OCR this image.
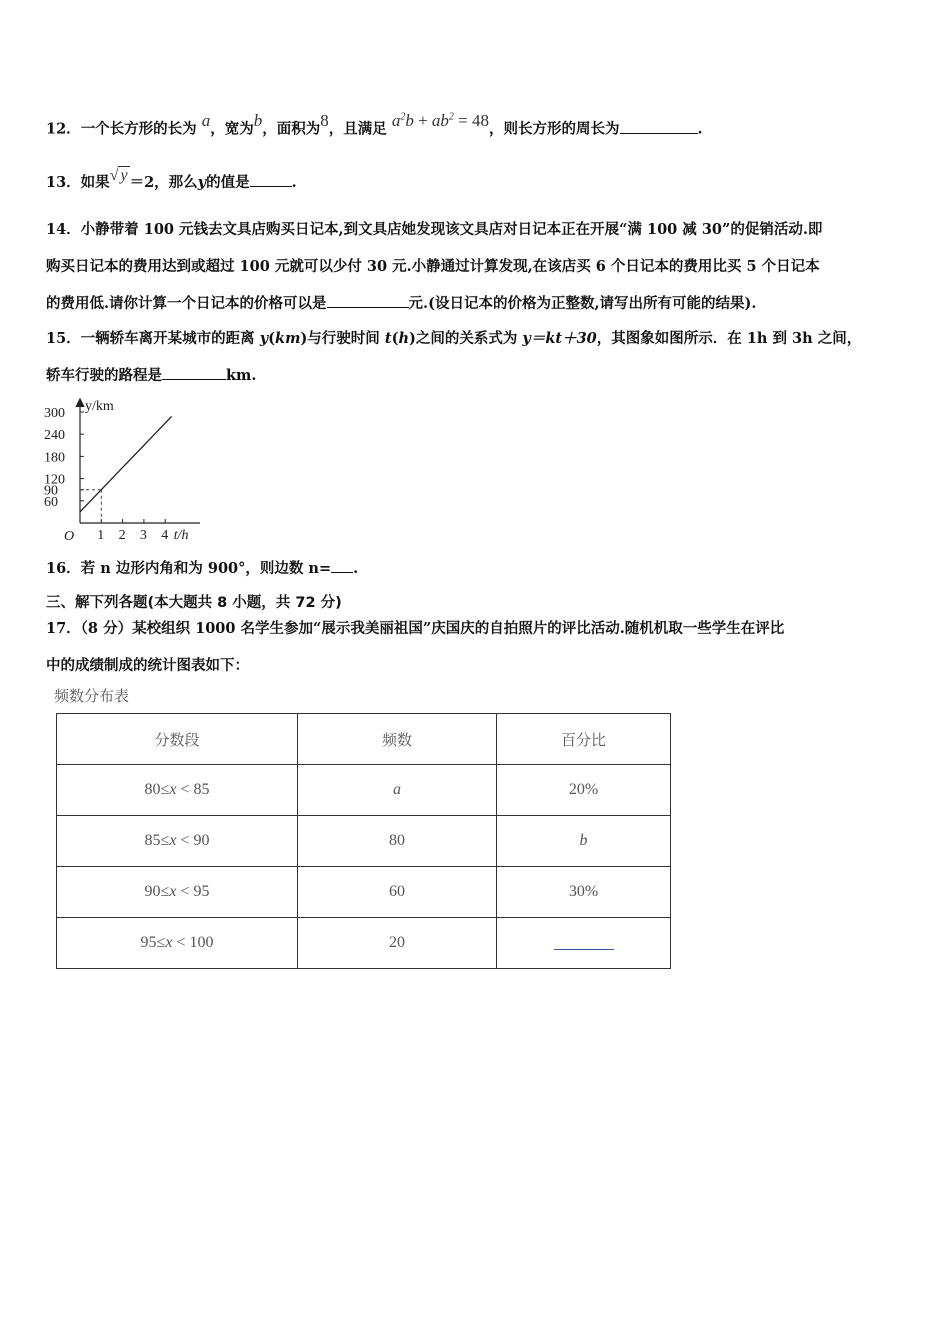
12．一个长方形的长为 a，宽为b，面积为8，且满足 $a^2b + ab^2 = 48$，则长方形的周长为	.
13．如果√ y ＝2，那么y的值是	.
14．小静带着 100 元钱去文具店购买日记本,到文具店她发现该文具店对日记本正在开展“满 100 减 30”的促销活动.即
购买日记本的费用达到或超过 100 元就可以少付 30 元.小静通过计算发现,在该店买 6 个日记本的费用比买 5 个日记本
的费用低.请你计算一个日记本的价格可以是	元.(设日记本的价格为正整数,请写出所有可能的结果).
15．一辆轿车离开某城市的距离 y(km)与行驶时间 t(h)之间的关系式为 y＝kt＋30，其图象如图所示．在 1h 到 3h 之间，
轿车行驶的路程是	km.
y/km
t/h
O 1 2 3 4
60
90
120
180
240
300
16．若 n 边形内角和为 900°，则边数 n= .
三、解下列各题(本大题共 8 小题，共 72 分)
17．（8 分）某校组织 1000 名学生参加“展示我美丽祖国”庆国庆的自拍照片的评比活动.随机机取一些学生在评比
中的成绩制成的统计图表如下：
频数分布表
分数段	频数	百分比
80≤x < 85	a	20%
85≤x < 90	80	b
90≤x < 95	60	30%
95≤x < 100	20	
